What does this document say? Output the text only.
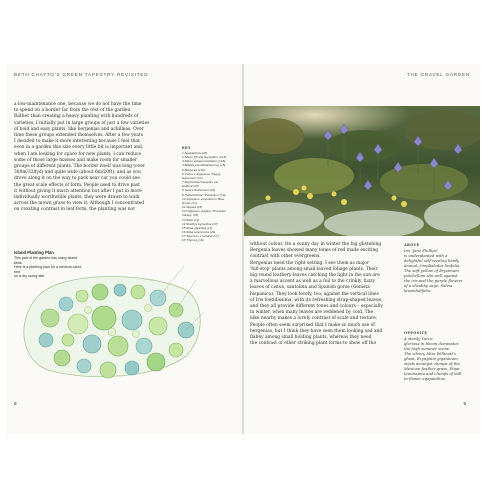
BETH CHATTO'S GREEN TAPESTRY REVISITED
a low-maintenance one, because we do not have the time
to spend on a border far from the rest of the garden.
Rather than creating a heavy planting with hundreds of
varieties, I initially put in large groups of just a few varieties
of bold and easy plants, like bergenias and achilleas. Over
time these groups extended themselves. After a few years
I decided to make it more interesting because I feel that
even in a garden this size every little bit is important and,
when I am looking for space for new plants, I can reduce
some of those large masses and make room for smaller
groups of different plants. The border itself was long (over
300m/328yd) and quite wide (about 6m/20ft), and as you
drove along it on the way to park near car you could see
the great scale effects of form. People used to drive past
it without giving it much attention but after I put in more
individually worthwhile plants, they were drawn to walk
across the mown grass to view it. Although I concentrated
on creating contrast in leaf form, the planting was not
KEY
1 Agapanthus (x5)
2 Allium 'Purple Sensation' (x15)
3 Allium sphaerocephalon (x15)
4 Ballota pseudodictamnus (x5)
5 Bergenia (x10)
6 Cistus x argenteus 'Peggy
Sammons' (x1)
7 Euphorbia characias var.
wulfenii (x3)
8 Gaura lindheimeri (x3)
9 Helictotrichon 'Pendulum' (x3)
10 Juniperus scopulorum 'Blue
Arrow' (x1)
11 Nepeta (x5)
12 Origanum vulgare 'Thumbles
Variety' (x5)
13 Salix (x1)
14 Stachys byzantina (x7)
15 Stipa gigantea (x1)
16 Stipa tenuissima (x9)
17 Teucrium x lucidrys (x7)
18 Thymus (x9)
Island Planting Plan
This part of the garden has many island beds.
Here is a planting plan for a medium-sized bed
on a dry sunny site.
8
THE GRAVEL GARDEN
without colour. On a sunny day in winter the big glistening
Bergenia leaves showed many tones of red made exciting
contrast with other evergreens.
Bergenias need the right setting. I see them as major
'full-stop' plants among small-leaved foliage plants. Their
big round leathery leaves catching the light in the sun are
a marvellous accent as well as a foil to the crinkly, fuzzy
leaves of cistus, santolina and Spanish gorse (Genista
hispanica). They look lovely, too, against the vertical lines
of Iris foetidissima, with its refreshing strap-shaped leaves,
and they all provide different tones and colours – especially
in winter, when many leaves are reddened by cold. The
bike nearby makes a lovely contrast of scale and texture.
People often seem surprised that I make so much use of
bergenias, but I think they have seen them looking sad and
flabby among small holding plants, whereas they need
the contrast of other striking plant forms to show off the
ABOVE
Iris 'Jane Phillips'
is underplanted with a
delightful self-seeding hardy
annual, Omphalodes linifolia.
The soft yellow of Erysimum
pulchellum sits well against
the iris and the purple flowers
of a shrubby sage, Salvia
lavandulifolia.
OPPOSITE
A sturdy Yucca
gloriosa in bloom dominates
the high summer scene.
The silvery Miss Willmott's
ghost, Eryngium giganteum,
seeds amongst clumps of the
Mexican feather grass, Stipa
tenuissima and clumps of still-
to-flower agapanthus.
9
